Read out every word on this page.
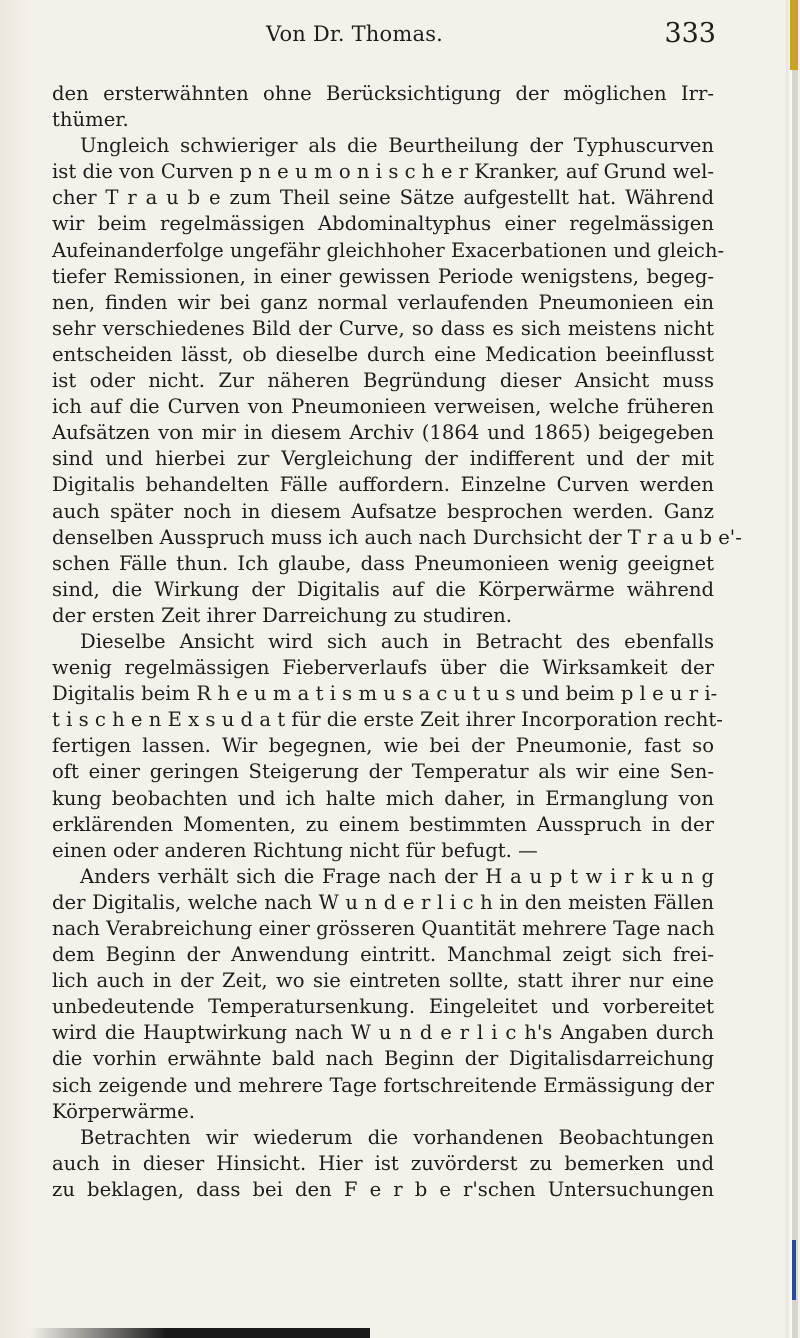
Von Dr. Thomas.	333
den ersterwähnten ohne Berücksichtigung der möglichen Irr-
thümer.
Ungleich schwieriger als die Beurtheilung der Typhuscurven
ist die von Curven p n e u m o n i s c h e r Kranker, auf Grund wel-
cher T r a u b e zum Theil seine Sätze aufgestellt hat. Während
wir beim regelmässigen Abdominaltyphus einer regelmässigen
Aufeinanderfolge ungefähr gleichhoher Exacerbationen und gleich-
tiefer Remissionen, in einer gewissen Periode wenigstens, begeg-
nen, finden wir bei ganz normal verlaufenden Pneumonieen ein
sehr verschiedenes Bild der Curve, so dass es sich meistens nicht
entscheiden lässt, ob dieselbe durch eine Medication beeinflusst
ist oder nicht. Zur näheren Begründung dieser Ansicht muss
ich auf die Curven von Pneumonieen verweisen, welche früheren
Aufsätzen von mir in diesem Archiv (1864 und 1865) beigegeben
sind und hierbei zur Vergleichung der indifferent und der mit
Digitalis behandelten Fälle auffordern. Einzelne Curven werden
auch später noch in diesem Aufsatze besprochen werden. Ganz
denselben Ausspruch muss ich auch nach Durchsicht der T r a u b e'-
schen Fälle thun. Ich glaube, dass Pneumonieen wenig geeignet
sind, die Wirkung der Digitalis auf die Körperwärme während
der ersten Zeit ihrer Darreichung zu studiren.
Dieselbe Ansicht wird sich auch in Betracht des ebenfalls
wenig regelmässigen Fieberverlaufs über die Wirksamkeit der
Digitalis beim R h e u m a t i s m u s a c u t u s und beim p l e u r i-
t i s c h e n E x s u d a t für die erste Zeit ihrer Incorporation recht-
fertigen lassen. Wir begegnen, wie bei der Pneumonie, fast so
oft einer geringen Steigerung der Temperatur als wir eine Sen-
kung beobachten und ich halte mich daher, in Ermanglung von
erklärenden Momenten, zu einem bestimmten Ausspruch in der
einen oder anderen Richtung nicht für befugt. —
Anders verhält sich die Frage nach der H a u p t w i r k u n g
der Digitalis, welche nach W u n d e r l i c h in den meisten Fällen
nach Verabreichung einer grösseren Quantität mehrere Tage nach
dem Beginn der Anwendung eintritt. Manchmal zeigt sich frei-
lich auch in der Zeit, wo sie eintreten sollte, statt ihrer nur eine
unbedeutende Temperatursenkung. Eingeleitet und vorbereitet
wird die Hauptwirkung nach W u n d e r l i c h's Angaben durch
die vorhin erwähnte bald nach Beginn der Digitalisdarreichung
sich zeigende und mehrere Tage fortschreitende Ermässigung der
Körperwärme.
Betrachten wir wiederum die vorhandenen Beobachtungen
auch in dieser Hinsicht. Hier ist zuvörderst zu bemerken und
zu beklagen, dass bei den F e r b e r'schen Untersuchungen
